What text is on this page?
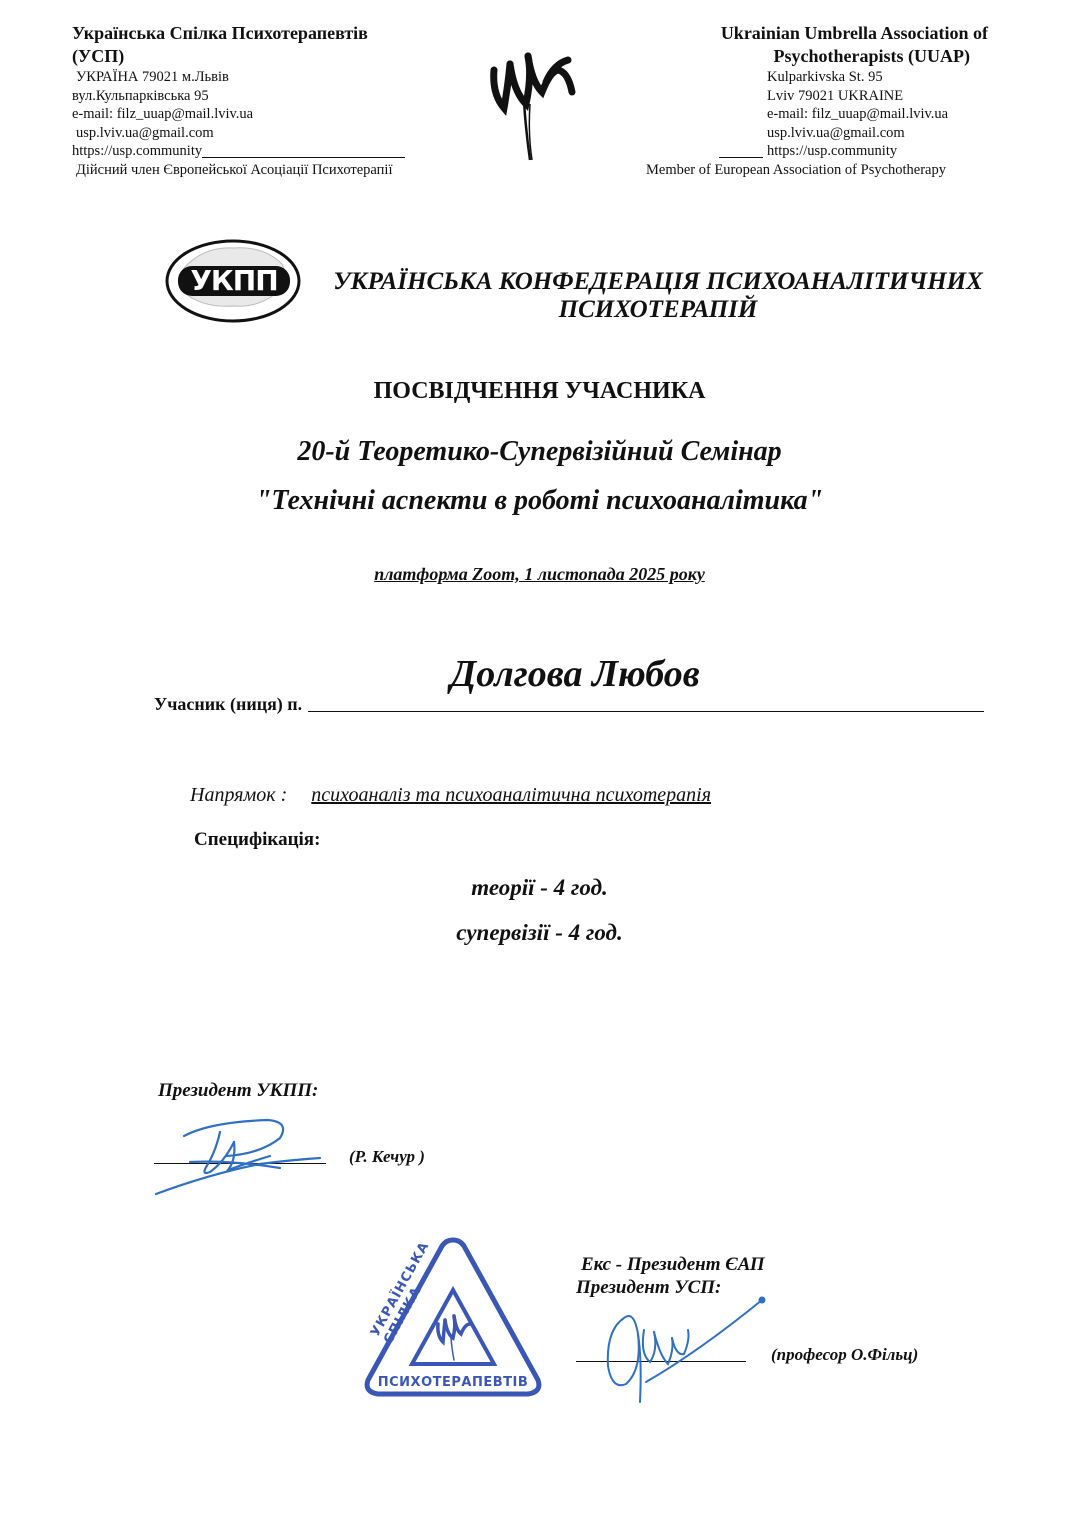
Українська Спілка Психотерапевтів
(УСП)
УКРАЇНА 79021 м.Львів
вул.Кульпарківська 95
e-mail: filz_uuap@mail.lviv.ua
usp.lviv.ua@gmail.com
https://usp.community
Дійсний член Європейської Асоціації Психотерапії
Ukrainian Umbrella Association of
Psychotherapists (UUAP)
Kulparkivska St. 95
Lviv 79021 UKRAINE
e-mail: filz_uuap@mail.lviv.ua
usp.lviv.ua@gmail.com
https://usp.community
Member of European Association of Psychotherapy
УКПП	УКРАЇНСЬКА КОНФЕДЕРАЦІЯ ПСИХОАНАЛІТИЧНИХ
ПСИХОТЕРАПІЙ
ПОСВІДЧЕННЯ УЧАСНИКА
20-й Теоретико-Супервізійний Семінар
"Технічні аспекти в роботі психоаналітика"
платформа Zoom, 1 листопада 2025 року
Долгова Любов
Учасник (ниця) п.
Напрямок : психоаналіз та психоаналітична психотерапія
Специфікація:
теорії - 4 год.
супервізії - 4 год.
Президент УКПП:
(Р. Кечур )
УКРАЇНСЬКА СПІЛКА
ПСИХОТЕРАПЕВТІВ
Екс - Президент ЄАП
Президент УСП:
(професор О.Фільц)
